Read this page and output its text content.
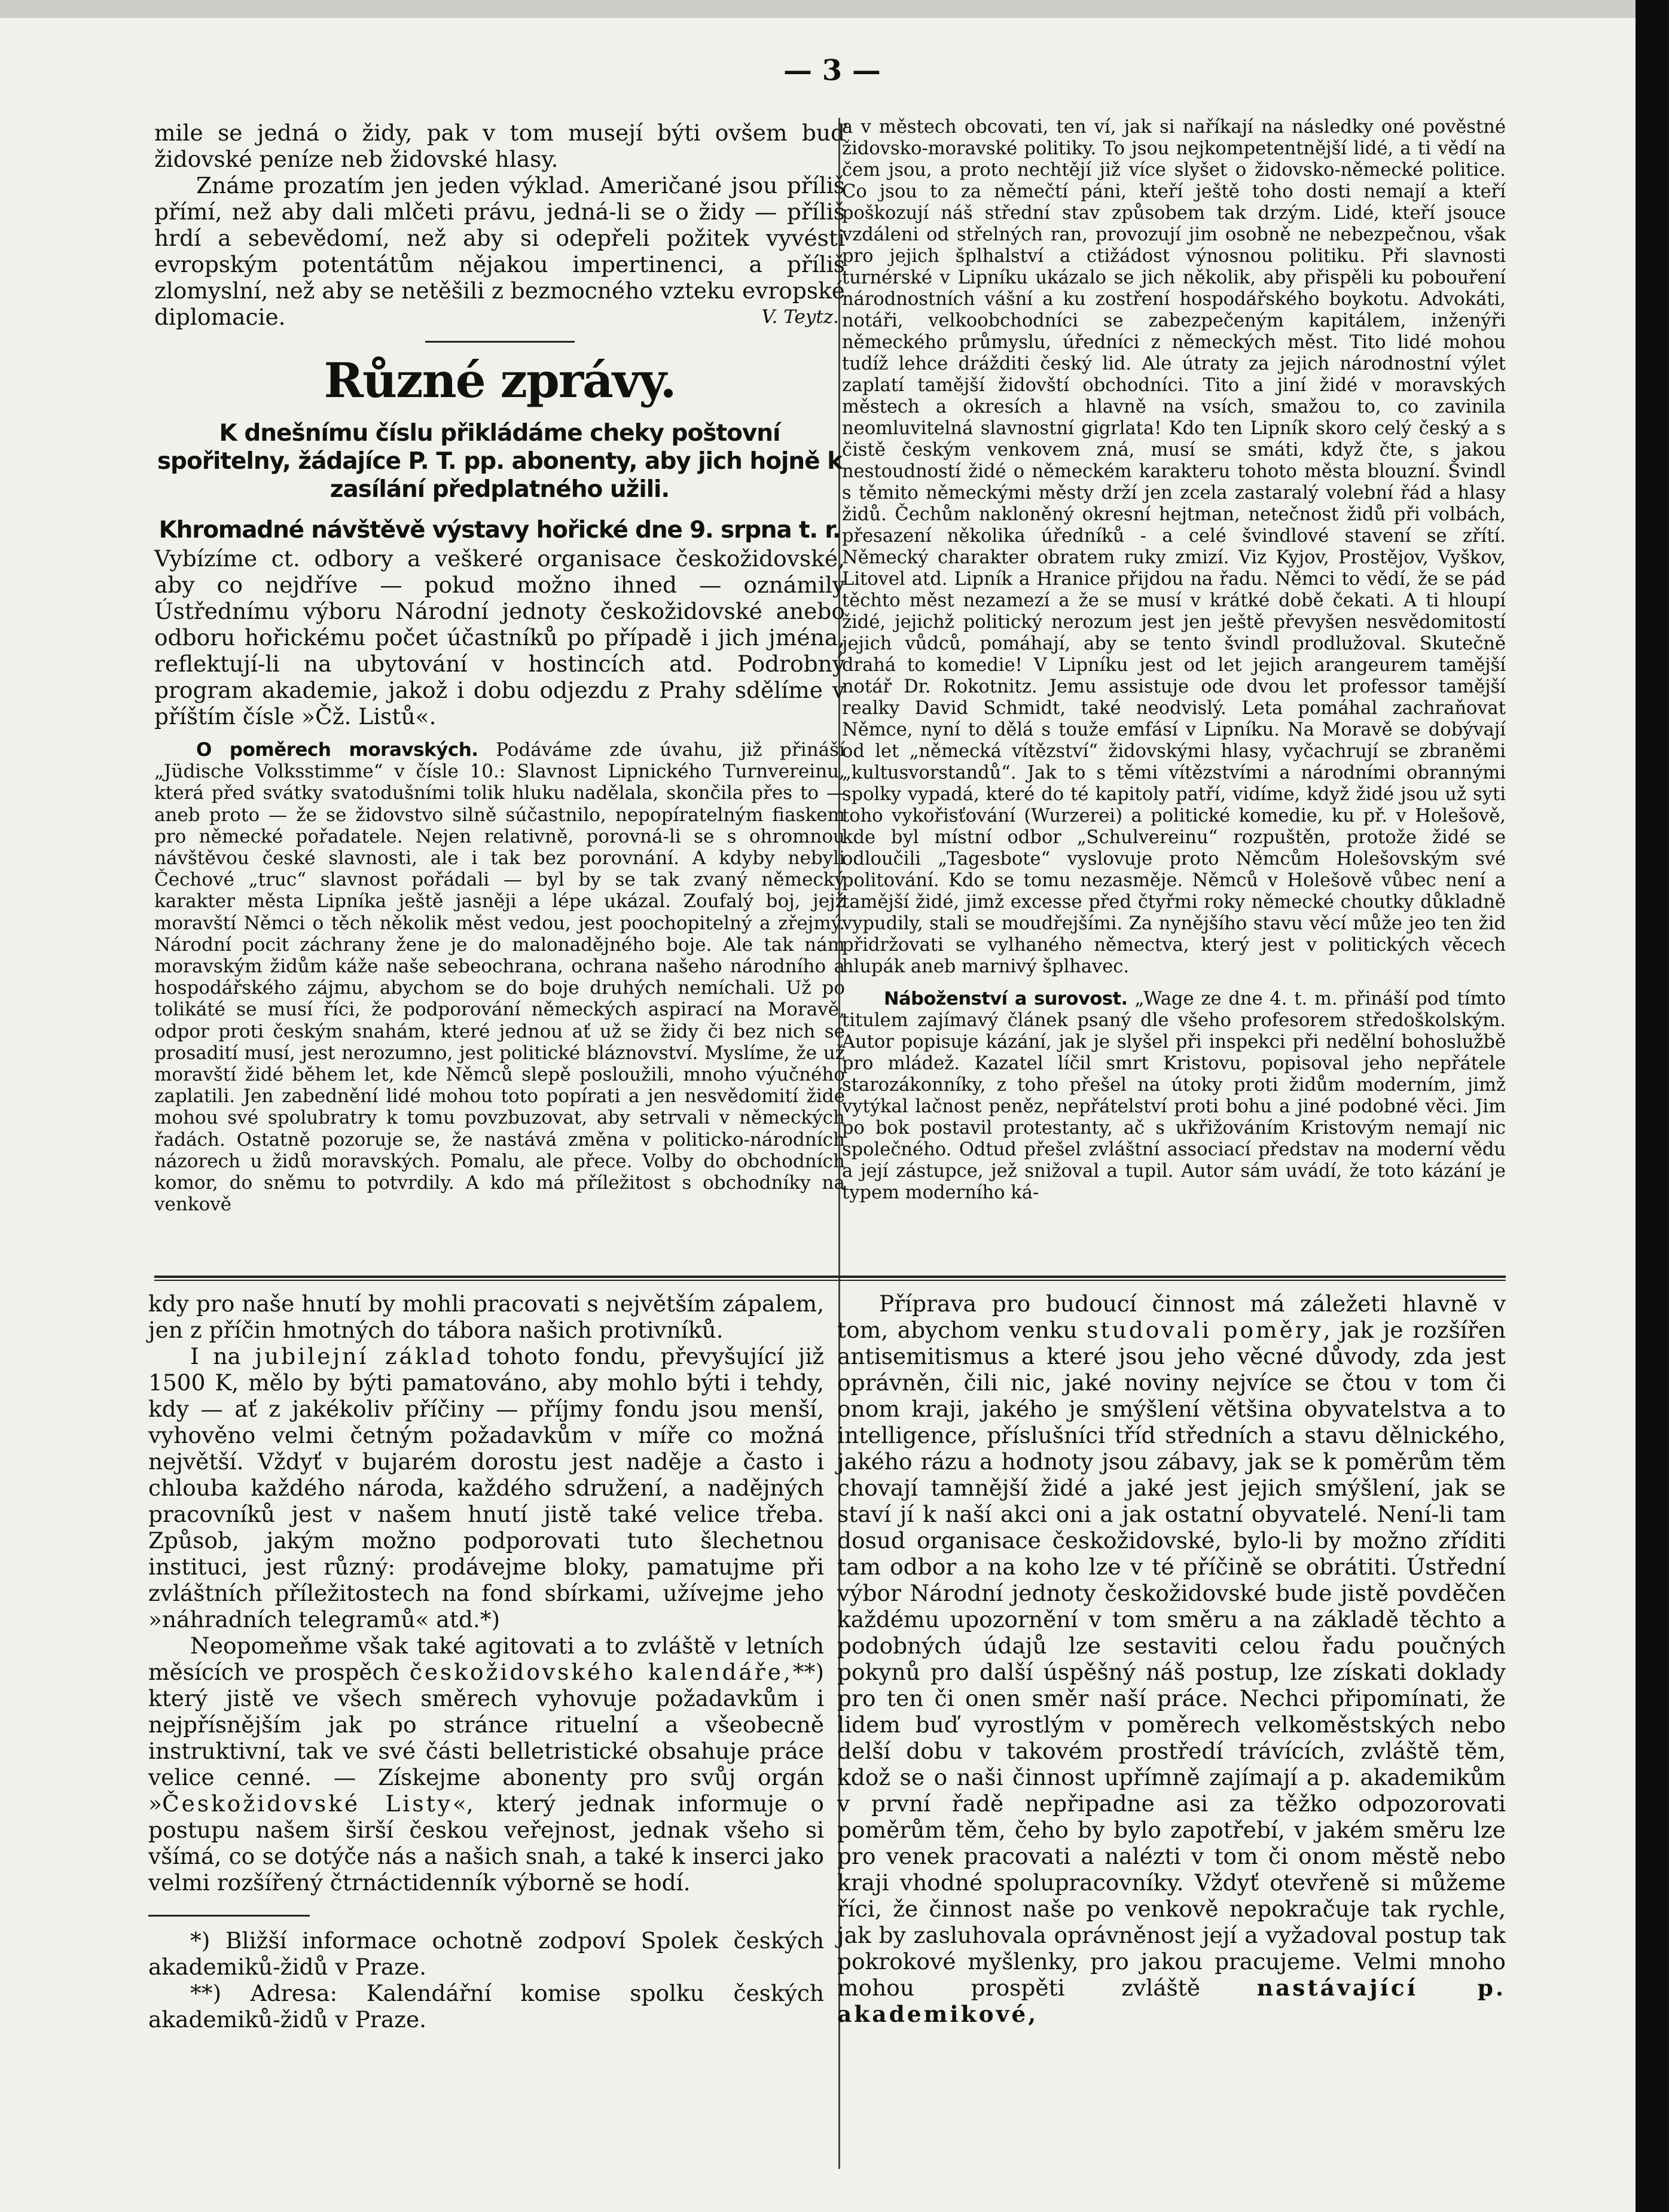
— 3 —

mile se jedná o židy, pak v tom musejí býti ovšem buď židovské peníze neb židovské hlasy.

Známe prozatím jen jeden výklad. Američané jsou příliš přímí, než aby dali mlčeti právu, jedná-li se o židy — příliš hrdí a sebevědomí, než aby si odepřeli požitek vyvésti evropským potentátům nějakou impertinenci, a příliš zlomyslní, než aby se netěšili z bezmocného vzteku evropské diplomacie.	V. Teytz.
Různé zprávy.
K dnešnímu číslu přikládáme cheky poštovní spořitelny, žádajíce P. T. pp. abonenty, aby jich hojně k zasílání předplatného užili.
Khromadné návštěvě výstavy hořické dne 9. srpna t. r.

Vybízíme ct. odbory a veškeré organisace českožidovské, aby co nejdříve — pokud možno ihned — oznámily Ústřednímu výboru Národní jednoty českožidovské anebo odboru hořickému počet účastníků po případě i jich jména, reflektují-li na ubytování v hostincích atd. Podrobný program akademie, jakož i dobu odjezdu z Prahy sdělíme v příštím čísle »Čž. Listů«.

O poměrech moravských. Podáváme zde úvahu, již přináší „Jüdische Volksstimme“ v čísle 10.: Slavnost Lipnického Turnvereinu, která před svátky svatodušními tolik hluku nadělala, skončila přes to — aneb proto — že se židovstvo silně súčastnilo, nepopíratelným fiaskem pro německé pořadatele. Nejen relativně, porovná-li se s ohromnou návštěvou české slavnosti, ale i tak bez porovnání. A kdyby nebyli Čechové „truc“ slavnost pořádali — byl by se tak zvaný německý karakter města Lipníka ještě jasněji a lépe ukázal. Zoufalý boj, jejž moravští Němci o těch několik měst vedou, jest poochopitelný a zřejmý. Národní pocit záchrany žene je do malonadějného boje. Ale tak nám moravským židům káže naše sebeochrana, ochrana našeho národního a hospodářského zájmu, abychom se do boje druhých nemíchali. Už po tolikáté se musí říci, že podporování německých aspirací na Moravě, odpor proti českým snahám, které jednou ať už se židy či bez nich se prosadití musí, jest nerozumno, jest politické bláznovství. Myslíme, že už moravští židé během let, kde Němců slepě posloužili, mnoho výučného zaplatili. Jen zabednění lidé mohou toto popírati a jen nesvědomití židé mohou své spolubratry k tomu povzbuzovat, aby setrvali v německých řadách. Ostatně pozoruje se, že nastává změna v politicko-národních názorech u židů moravských. Pomalu, ale přece. Volby do obchodních komor, do sněmu to potvrdily. A kdo má příležitost s obchodníky na venkově

a v městech obcovati, ten ví, jak si naříkají na následky oné pověstné židovsko-moravské politiky. To jsou nejkompetentnější lidé, a ti vědí na čem jsou, a proto nechtějí již více slyšet o židovsko-německé politice. Co jsou to za němečtí páni, kteří ještě toho dosti nemají a kteří poškozují náš střední stav způsobem tak drzým. Lidé, kteří jsouce vzdáleni od střelných ran, provozují jim osobně ne nebezpečnou, však pro jejich šplhalství a ctižádost výnosnou politiku. Při slavnosti turnérské v Lipníku ukázalo se jich několik, aby přispěli ku pobouření národnostních vášní a ku zostření hospodářského boykotu. Advokáti, notáři, velkoobchodníci se zabezpečeným kapitálem, inženýři německého průmyslu, úředníci z německých měst. Tito lidé mohou tudíž lehce drážditi český lid. Ale útraty za jejich národnostní výlet zaplatí tamější židovští obchodníci. Tito a jiní židé v moravských městech a okresích a hlavně na vsích, smažou to, co zavinila neomluvitelná slavnostní gigrlata! Kdo ten Lipník skoro celý český a s čistě českým venkovem zná, musí se smáti, když čte, s jakou nestoudností židé o německém karakteru tohoto města blouzní. Švindl s těmito německými městy drží jen zcela zastaralý volební řád a hlasy židů. Čechům nakloněný okresní hejtman, netečnost židů při volbách, přesazení několika úředníků - a celé švindlové stavení se zřítí. Německý charakter obratem ruky zmizí. Viz Kyjov, Prostějov, Vyškov, Litovel atd. Lipník a Hranice přijdou na řadu. Němci to vědí, že se pád těchto měst nezamezí a že se musí v krátké době čekati. A ti hloupí židé, jejichž politický nerozum jest jen ještě převyšen nesvědomitostí jejich vůdců, pomáhají, aby se tento švindl prodlužoval. Skutečně drahá to komedie! V Lipníku jest od let jejich arangeurem tamější notář Dr. Rokotnitz. Jemu assistuje ode dvou let professor tamější realky David Schmidt, také neodvislý. Leta pomáhal zachraňovat Němce, nyní to dělá s touže emfásí v Lipníku. Na Moravě se dobývají od let „německá vítězství“ židovskými hlasy, vyčachrují se zbraněmi „kultusvorstandů“. Jak to s těmi vítězstvími a národními obrannými spolky vypadá, které do té kapitoly patří, vidíme, když židé jsou už syti toho vykořisťování (Wurzerei) a politické komedie, ku př. v Holešově, kde byl místní odbor „Schulvereinu“ rozpuštěn, protože židé se odloučili „Tagesbote“ vyslovuje proto Němcům Holešovským své politování. Kdo se tomu nezasměje. Němců v Holešově vůbec není a tamější židé, jimž excesse před čtyřmi roky německé choutky důkladně vypudily, stali se moudřejšími. Za nynějšího stavu věcí může jeo ten žid přidržovati se vylhaného němectva, který jest v politických věcech hlupák aneb marnivý šplhavec.

Náboženství a surovost. „Wage ze dne 4. t. m. přináší pod tímto titulem zajímavý článek psaný dle všeho profesorem středoškolským. Autor popisuje kázání, jak je slyšel při inspekci při nedělní bohoslužbě pro mládež. Kazatel líčil smrt Kristovu, popisoval jeho nepřátele starozákonníky, z toho přešel na útoky proti židům moderním, jimž vytýkal lačnost peněz, nepřátelství proti bohu a jiné podobné věci. Jim po bok postavil protestanty, ač s ukřižováním Kristovým nemají nic společného. Odtud přešel zvláštní associací představ na moderní vědu a její zástupce, jež snižoval a tupil. Autor sám uvádí, že toto kázání je typem moderního ká-

kdy pro naše hnutí by mohli pracovati s největším zápalem, jen z příčin hmotných do tábora našich protivníků.

I na jubilejní základ tohoto fondu, převyšující již 1500 K, mělo by býti pamatováno, aby mohlo býti i tehdy, kdy — ať z jakékoliv příčiny — příjmy fondu jsou menší, vyhověno velmi četným požadavkům v míře co možná největší. Vždyť v bujarém dorostu jest naděje a často i chlouba každého národa, každého sdružení, a nadějných pracovníků jest v našem hnutí jistě také velice třeba. Způsob, jakým možno podporovati tuto šlechetnou instituci, jest různý: prodávejme bloky, pamatujme při zvláštních příležitostech na fond sbírkami, užívejme jeho »náhradních telegramů« atd.*)

Neopomeňme však také agitovati a to zvláště v letních měsících ve prospěch českožidovského kalendáře,**) který jistě ve všech směrech vyhovuje požadavkům i nejpřísnějším jak po stránce rituelní a všeobecně instruktivní, tak ve své části belletristické obsahuje práce velice cenné. — Získejme abonenty pro svůj orgán »Českožidovské Listy«, který jednak informuje o postupu našem širší českou veřejnost, jednak všeho si všímá, co se dotýče nás a našich snah, a také k inserci jako velmi rozšířený čtrnáctidenník výborně se hodí.

*) Bližší informace ochotně zodpoví Spolek českých akademiků-židů v Praze.

**) Adresa: Kalendářní komise spolku českých akademiků-židů v Praze.

Příprava pro budoucí činnost má záležeti hlavně v tom, abychom venku studovali poměry, jak je rozšířen antisemitismus a které jsou jeho věcné důvody, zda jest oprávněn, čili nic, jaké noviny nejvíce se čtou v tom či onom kraji, jakého je smýšlení většina obyvatelstva a to intelligence, příslušníci tříd středních a stavu dělnického, jakého rázu a hodnoty jsou zábavy, jak se k poměrům těm chovají tamnější židé a jaké jest jejich smýšlení, jak se staví jí k naší akci oni a jak ostatní obyvatelé. Není-li tam dosud organisace českožidovské, bylo-li by možno zříditi tam odbor a na koho lze v té příčině se obrátiti. Ústřední výbor Národní jednoty českožidovské bude jistě povděčen každému upozornění v tom směru a na základě těchto a podobných údajů lze sestaviti celou řadu poučných pokynů pro další úspěšný náš postup, lze získati doklady pro ten či onen směr naší práce. Nechci připomínati, že lidem buď vyrostlým v poměrech velkoměstských nebo delší dobu v takovém prostředí trávících, zvláště těm, kdož se o naši činnost upřímně zajímají a p. akademikům v první řadě nepřipadne asi za těžko odpozorovati poměrům těm, čeho by bylo zapotřebí, v jakém směru lze pro venek pracovati a nalézti v tom či onom městě nebo kraji vhodné spolupracovníky. Vždyť otevřeně si můžeme říci, že činnost naše po venkově nepokračuje tak rychle, jak by zasluhovala oprávněnost její a vyžadoval postup tak pokrokové myšlenky, pro jakou pracujeme. Velmi mnoho mohou prospěti zvláště nastávající p. akademikové,
